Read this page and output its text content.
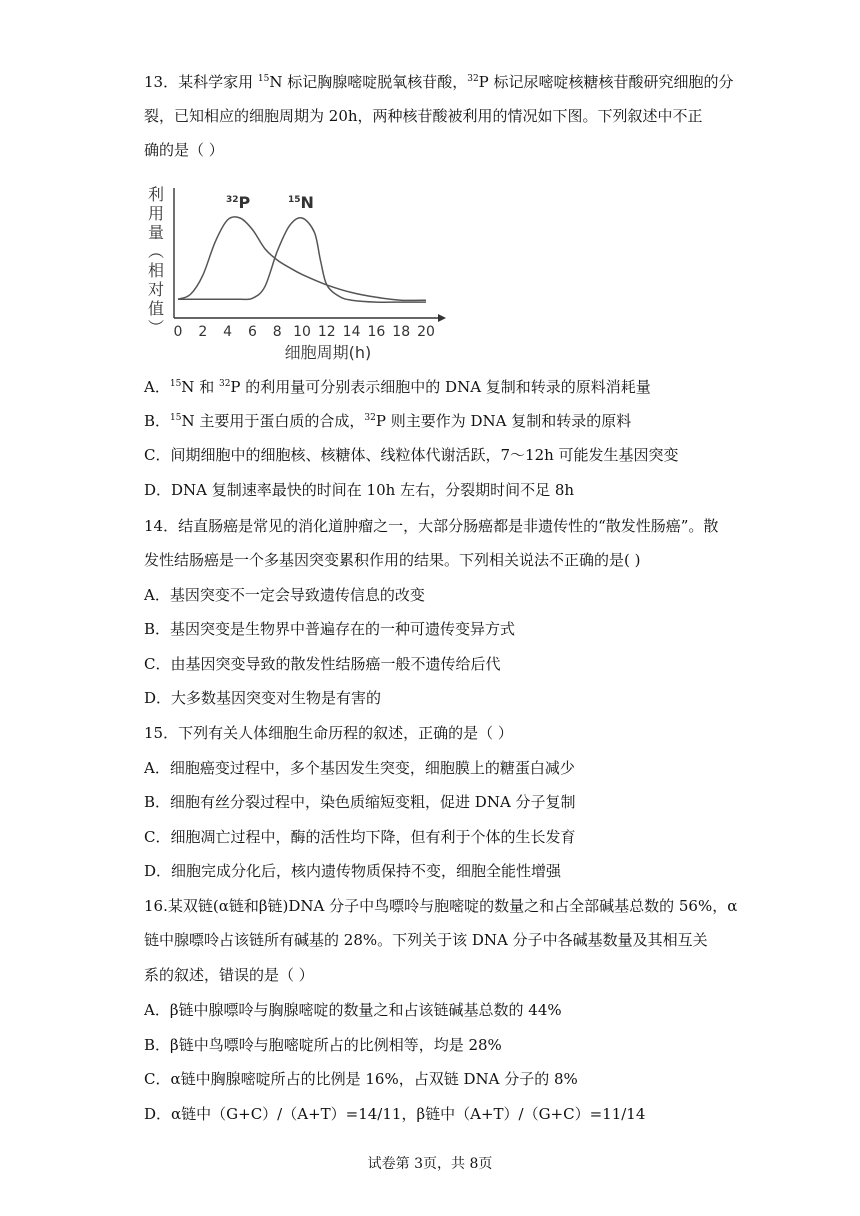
13．某科学家用 $^{15}$N 标记胸腺嘧啶脱氧核苷酸，$^{32}$P 标记尿嘧啶核糖核苷酸研究细胞的分
裂，已知相应的细胞周期为 20h，两种核苷酸被利用的情况如下图。下列叙述中不正
确的是（ ）
利
用
量
（
相
对
值
） 0 2 4 6 8 10 12 14 16 18 20
$^{32}$P	$^{15}$N
细胞周期(h)
A．$^{15}$N 和 $^{32}$P 的利用量可分别表示细胞中的 DNA 复制和转录的原料消耗量
B．$^{15}$N 主要用于蛋白质的合成，$^{32}$P 则主要作为 DNA 复制和转录的原料
C．间期细胞中的细胞核、核糖体、线粒体代谢活跃，7～12h 可能发生基因突变
D．DNA 复制速率最快的时间在 10h 左右，分裂期时间不足 8h
14．结直肠癌是常见的消化道肿瘤之一，大部分肠癌都是非遗传性的“散发性肠癌”。散
发性结肠癌是一个多基因突变累积作用的结果。下列相关说法不正确的是( )
A．基因突变不一定会导致遗传信息的改变
B．基因突变是生物界中普遍存在的一种可遗传变异方式
C．由基因突变导致的散发性结肠癌一般不遗传给后代
D．大多数基因突变对生物是有害的
15．下列有关人体细胞生命历程的叙述，正确的是（ ）
A．细胞癌变过程中，多个基因发生突变，细胞膜上的糖蛋白减少
B．细胞有丝分裂过程中，染色质缩短变粗，促进 DNA 分子复制
C．细胞凋亡过程中，酶的活性均下降，但有利于个体的生长发育
D．细胞完成分化后，核内遗传物质保持不变，细胞全能性增强
16.某双链(α链和β链)DNA 分子中鸟嘌呤与胞嘧啶的数量之和占全部碱基总数的 56%，α
链中腺嘌呤占该链所有碱基的 28%。下列关于该 DNA 分子中各碱基数量及其相互关
系的叙述，错误的是（ ）
A．β链中腺嘌呤与胸腺嘧啶的数量之和占该链碱基总数的 44%
B．β链中鸟嘌呤与胞嘧啶所占的比例相等，均是 28%
C．α链中胸腺嘧啶所占的比例是 16%，占双链 DNA 分子的 8%
D．α链中（G+C）/（A+T）=14/11，β链中（A+T）/（G+C）=11/14
试卷第 3页，共 8页
